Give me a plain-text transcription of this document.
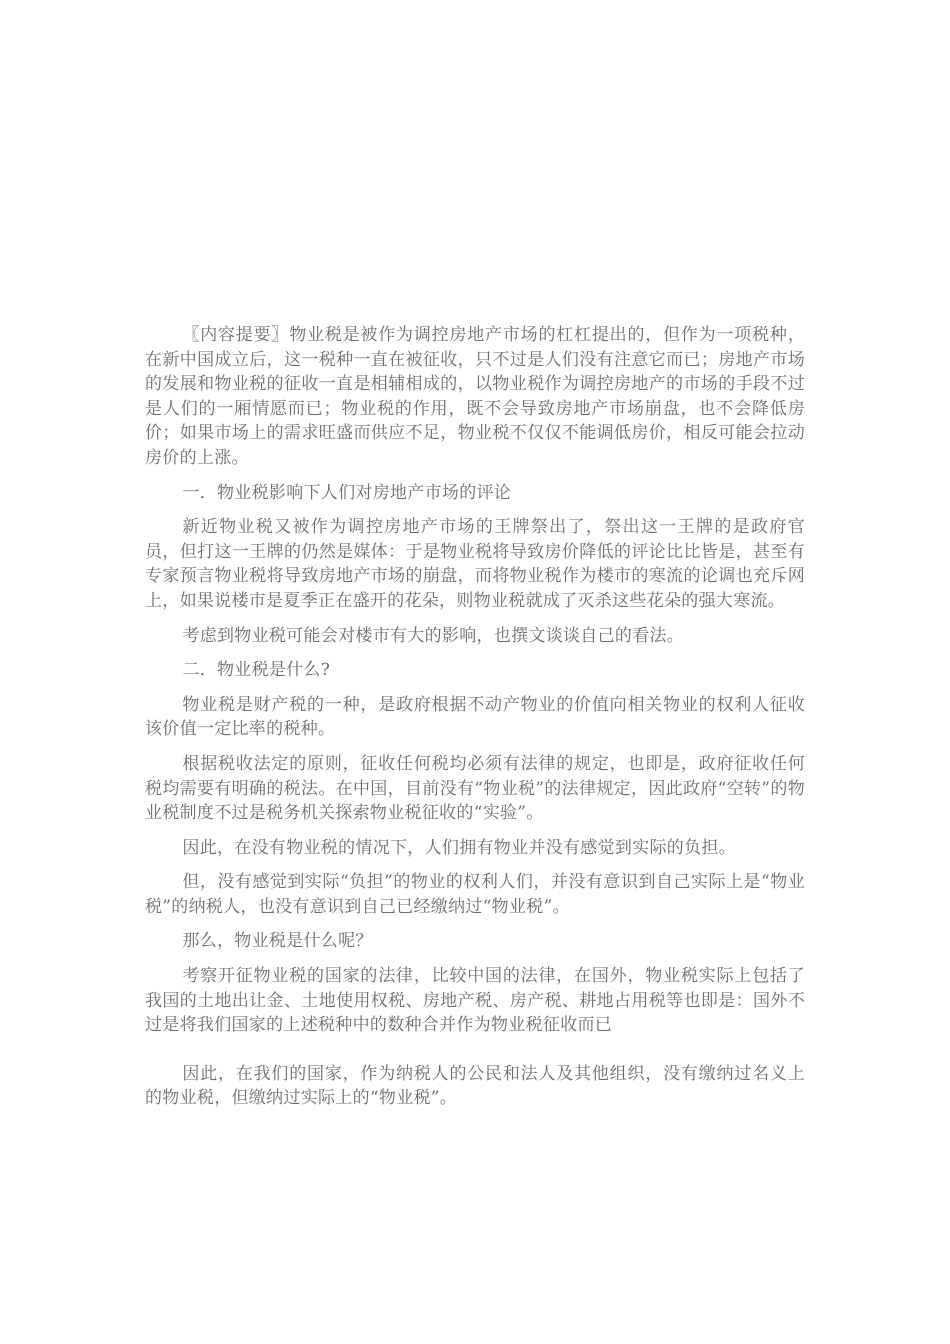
〖内容提要〗物业税是被作为调控房地产市场的杠杠提出的，但作为一项税种，在新中国成立后，这一税种一直在被征收，只不过是人们没有注意它而已；房地产市场的发展和物业税的征收一直是相辅相成的，以物业税作为调控房地产的市场的手段不过是人们的一厢情愿而已；物业税的作用，既不会导致房地产市场崩盘，也不会降低房价；如果市场上的需求旺盛而供应不足，物业税不仅仅不能调低房价，相反可能会拉动房价的上涨。

一．物业税影响下人们对房地产市场的评论

新近物业税又被作为调控房地产市场的王牌祭出了，祭出这一王牌的是政府官员，但打这一王牌的仍然是媒体：于是物业税将导致房价降低的评论比比皆是，甚至有专家预言物业税将导致房地产市场的崩盘，而将物业税作为楼市的寒流的论调也充斥网上，如果说楼市是夏季正在盛开的花朵，则物业税就成了灭杀这些花朵的强大寒流。

考虑到物业税可能会对楼市有大的影响，也撰文谈谈自己的看法。

二．物业税是什么?

物业税是财产税的一种，是政府根据不动产物业的价值向相关物业的权利人征收该价值一定比率的税种。

根据税收法定的原则，征收任何税均必须有法律的规定，也即是，政府征收任何税均需要有明确的税法。在中国，目前没有“物业税”的法律规定，因此政府“空转”的物业税制度不过是税务机关探索物业税征收的“实验”。

因此，在没有物业税的情况下，人们拥有物业并没有感觉到实际的负担。

但，没有感觉到实际“负担”的物业的权利人们，并没有意识到自己实际上是“物业税”的纳税人，也没有意识到自己已经缴纳过“物业税”。

那么，物业税是什么呢？

考察开征物业税的国家的法律，比较中国的法律，在国外，物业税实际上包括了我国的土地出让金、土地使用权税、房地产税、房产税、耕地占用税等也即是：国外不过是将我们国家的上述税种中的数种合并作为物业税征收而已

因此，在我们的国家，作为纳税人的公民和法人及其他组织，没有缴纳过名义上的物业税，但缴纳过实际上的“物业税”。
